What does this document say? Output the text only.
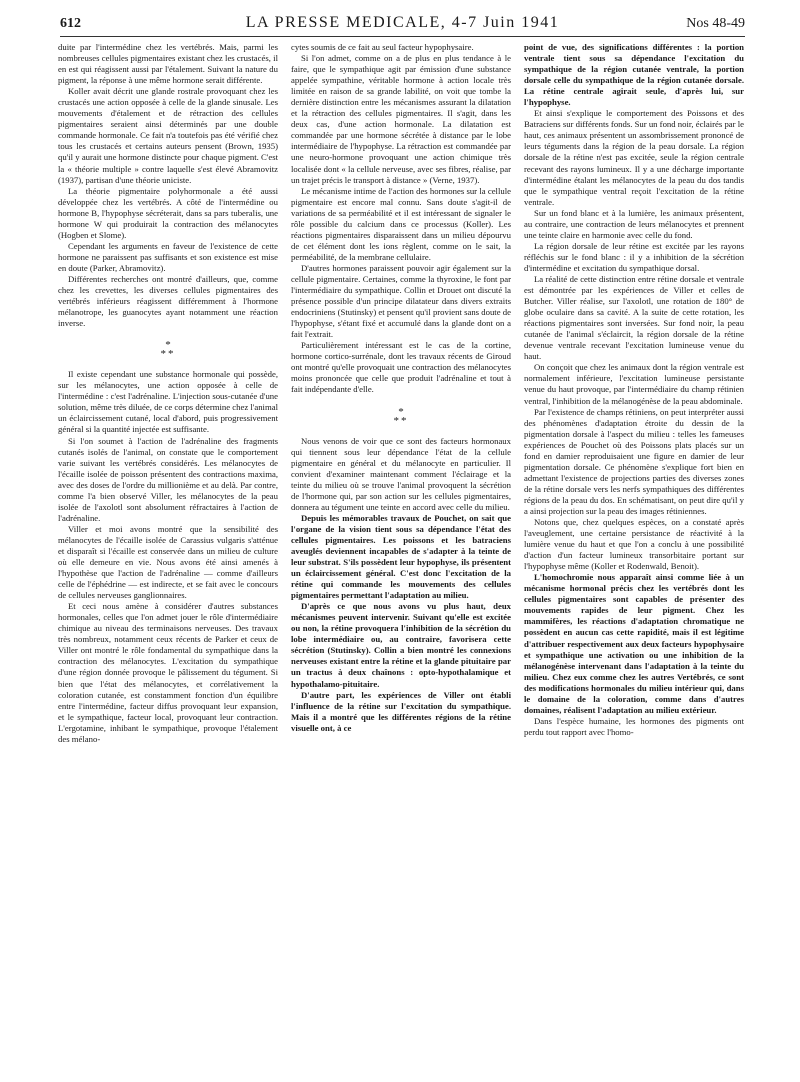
612	LA PRESSE MEDICALE, 4-7 Juin 1941	Nos 48-49

duite par l'intermédine chez les vertébrés. Mais, parmi les nombreuses cellules pigmentaires existant chez les crustacés, il en est qui réagissent aussi par l'étalement. Suivant la nature du pigment, la réponse à une même hormone serait différente.

Koller avait décrit une glande rostrale provoquant chez les crustacés une action opposée à celle de la glande sinusale. Les mouvements d'étalement et de rétraction des cellules pigmentaires seraient ainsi déterminés par une double commande hormonale. Ce fait n'a toutefois pas été vérifié chez tous les crustacés et certains auteurs pensent (Brown, 1935) qu'il y aurait une hormone distincte pour chaque pigment. C'est la « théorie multiple » contre laquelle s'est élevé Abramovitz (1937), partisan d'une théorie uniciste.

La théorie pigmentaire polyhormonale a été aussi développée chez les vertébrés. A côté de l'intermédine ou hormone B, l'hypophyse sécréterait, dans sa pars tuberalis, une hormone W qui produirait la contraction des mélanocytes (Hogben et Slome).

Cependant les arguments en faveur de l'existence de cette hormone ne paraissent pas suffisants et son existence est mise en doute (Parker, Abramovitz).

Différentes recherches ont montré d'ailleurs, que, comme chez les crevettes, les diverses cellules pigmentaires des vertébrés inférieurs réagissent différemment à l'hormone mélanotrope, les guanocytes ayant notamment une réaction inverse.

*
**

Il existe cependant une substance hormonale qui possède, sur les mélanocytes, une action opposée à celle de l'intermédine : c'est l'adrénaline. L'injection sous-cutanée d'une solution, même très diluée, de ce corps détermine chez l'animal un éclaircissement cutané, local d'abord, puis progressivement général si la quantité injectée est suffisante.

Si l'on soumet à l'action de l'adrénaline des fragments cutanés isolés de l'animal, on constate que le comportement varie suivant les vertébrés considérés. Les mélanocytes de l'écaille isolée de poisson présentent des contractions maxima, avec des doses de l'ordre du millionième et au delà. Par contre, comme l'a bien observé Viller, les mélanocytes de la peau isolée de l'axolotl sont absolument réfractaires à l'action de l'adrénaline.

Viller et moi avons montré que la sensibilité des mélanocytes de l'écaille isolée de Carassius vulgaris s'atténue et disparaît si l'écaille est conservée dans un milieu de culture où elle demeure en vie. Nous avons été ainsi amenés à l'hypothèse que l'action de l'adrénaline — comme d'ailleurs celle de l'éphédrine — est indirecte, et se fait avec le concours de cellules nerveuses ganglionnaires.

Et ceci nous amène à considérer d'autres substances hormonales, celles que l'on admet jouer le rôle d'intermédiaire chimique au niveau des terminaisons nerveuses. Des travaux très nombreux, notamment ceux récents de Parker et ceux de Viller ont montré le rôle fondamental du sympathique dans la contraction des mélanocytes. L'excitation du sympathique d'une région donnée provoque le pâlissement du tégument. Si bien que l'état des mélanocytes, et corrélativement la coloration cutanée, est constamment fonction d'un équilibre entre l'intermédine, facteur diffus provoquant leur expansion, et le sympathique, facteur local, provoquant leur contraction. L'ergotamine, inhibant le sympathique, provoque l'étalement des mélano-

cytes soumis de ce fait au seul facteur hypophysaire.

Si l'on admet, comme on a de plus en plus tendance à le faire, que le sympathique agit par émission d'une substance appelée sympathine, véritable hormone à action locale très limitée en raison de sa grande labilité, on voit que tombe la dernière distinction entre les mécanismes assurant la dilatation et la rétraction des cellules pigmentaires. Il s'agit, dans les deux cas, d'une action hormonale. La dilatation est commandée par une hormone sécrétée à distance par le lobe intermédiaire de l'hypophyse. La rétraction est commandée par une neuro-hormone provoquant une action chimique très localisée dont « la cellule nerveuse, avec ses fibres, réalise, par un trajet précis le transport à distance » (Verne, 1937).

Le mécanisme intime de l'action des hormones sur la cellule pigmentaire est encore mal connu. Sans doute s'agit-il de variations de sa perméabilité et il est intéressant de signaler le rôle possible du calcium dans ce processus (Koller). Les réactions pigmentaires disparaissent dans un milieu dépourvu de cet élément dont les ions règlent, comme on le sait, la perméabilité, de la membrane cellulaire.

D'autres hormones paraissent pouvoir agir également sur la cellule pigmentaire. Certaines, comme la thyroxine, le font par l'intermédiaire du sympathique. Collin et Drouet ont discuté la présence possible d'un principe dilatateur dans divers extraits endocriniens (Stutinsky) et pensent qu'il provient sans doute de l'hypophyse, s'étant fixé et accumulé dans la glande dont on a fait l'extrait.

Particulièrement intéressant est le cas de la cortine, hormone cortico-surrénale, dont les travaux récents de Giroud ont montré qu'elle provoquait une contraction des mélanocytes moins prononcée que celle que produit l'adrénaline et tout à fait indépendante d'elle.

*
**

Nous venons de voir que ce sont des facteurs hormonaux qui tiennent sous leur dépendance l'état de la cellule pigmentaire en général et du mélanocyte en particulier. Il convient d'examiner maintenant comment l'éclairage et la teinte du milieu où se trouve l'animal provoquent la sécrétion de l'hormone qui, par son action sur les cellules pigmentaires, donnera au tégument une teinte en accord avec celle du milieu.

Depuis les mémorables travaux de Pouchet, on sait que l'organe de la vision tient sous sa dépendance l'état des cellules pigmentaires. Les poissons et les batraciens aveuglés deviennent incapables de s'adapter à la teinte de leur substrat. S'ils possèdent leur hypophyse, ils présentent un éclaircissement général. C'est donc l'excitation de la rétine qui commande les mouvements des cellules pigmentaires permettant l'adaptation au milieu.

D'après ce que nous avons vu plus haut, deux mécanismes peuvent intervenir. Suivant qu'elle est excitée ou non, la rétine provoquera l'inhibition de la sécrétion du lobe intermédiaire ou, au contraire, favorisera cette sécrétion (Stutinsky). Collin a bien montré les connexions nerveuses existant entre la rétine et la glande pituitaire par un tractus à deux chaînons : opto-hypothalamique et hypothalamo-pituitaire.

D'autre part, les expériences de Viller ont établi l'influence de la rétine sur l'excitation du sympathique. Mais il a montré que les différentes régions de la rétine visuelle ont, à ce

point de vue, des significations différentes : la portion ventrale tient sous sa dépendance l'excitation du sympathique de la région cutanée ventrale, la portion dorsale celle du sympathique de la région cutanée dorsale. La rétine centrale agirait seule, d'après lui, sur l'hypophyse.

Et ainsi s'explique le comportement des Poissons et des Batraciens sur différents fonds. Sur un fond noir, éclairés par le haut, ces animaux présentent un assombrissement prononcé de leurs téguments dans la région de la peau dorsale. La région dorsale de la rétine n'est pas excitée, seule la région centrale recevant des rayons lumineux. Il y a une décharge importante d'intermédine étalant les mélanocytes de la peau du dos tandis que le sympathique ventral reçoit l'excitation de la rétine ventrale.

Sur un fond blanc et à la lumière, les animaux présentent, au contraire, une contraction de leurs mélanocytes et prennent une teinte claire en harmonie avec celle du fond.

La région dorsale de leur rétine est excitée par les rayons réfléchis sur le fond blanc : il y a inhibition de la sécrétion d'intermédine et excitation du sympathique dorsal.

La réalité de cette distinction entre rétine dorsale et ventrale est démontrée par les expériences de Viller et celles de Butcher. Viller réalise, sur l'axolotl, une rotation de 180° de globe oculaire dans sa cavité. A la suite de cette rotation, les réactions pigmentaires sont inversées. Sur fond noir, la peau cutanée de l'animal s'éclaircit, la région dorsale de la rétine devenue ventrale recevant l'excitation lumineuse venue du haut.

On conçoit que chez les animaux dont la région ventrale est normalement inférieure, l'excitation lumineuse persistante venue du haut provoque, par l'intermédiaire du champ rétinien ventral, l'inhibition de la mélanogénèse de la peau abdominale.

Par l'existence de champs rétiniens, on peut interpréter aussi des phénomènes d'adaptation étroite du dessin de la pigmentation dorsale à l'aspect du milieu : telles les fameuses expériences de Pouchet où des Poissons plats placés sur un fond en damier reproduisaient une figure en damier de leur pigmentation dorsale. Ce phénomène s'explique fort bien en admettant l'existence de projections parties des diverses zones de la rétine dorsale vers les nerfs sympathiques des différentes régions de la peau du dos. En schématisant, on peut dire qu'il y a ainsi projection sur la peau des images rétiniennes.

Notons que, chez quelques espèces, on a constaté après l'aveuglement, une certaine persistance de réactivité à la lumière venue du haut et que l'on a conclu à une possibilité d'action d'un facteur lumineux transorbitaire portant sur l'hypophyse même (Koller et Rodenwald, Benoit).

L'homochromie nous apparaît ainsi comme liée à un mécanisme hormonal précis chez les vertébrés dont les cellules pigmentaires sont capables de présenter des mouvements rapides de leur pigment. Chez les mammifères, les réactions d'adaptation chromatique ne possèdent en aucun cas cette rapidité, mais il est légitime d'attribuer respectivement aux deux facteurs hypophysaire et sympathique une activation ou une inhibition de la mélanogénèse intervenant dans l'adaptation à la teinte du milieu. Chez eux comme chez les autres Vertébrés, ce sont des modifications hormonales du milieu intérieur qui, dans le domaine de la coloration, comme dans d'autres domaines, réalisent l'adaptation au milieu extérieur.

Dans l'espèce humaine, les hormones des pigments ont perdu tout rapport avec l'homo-
